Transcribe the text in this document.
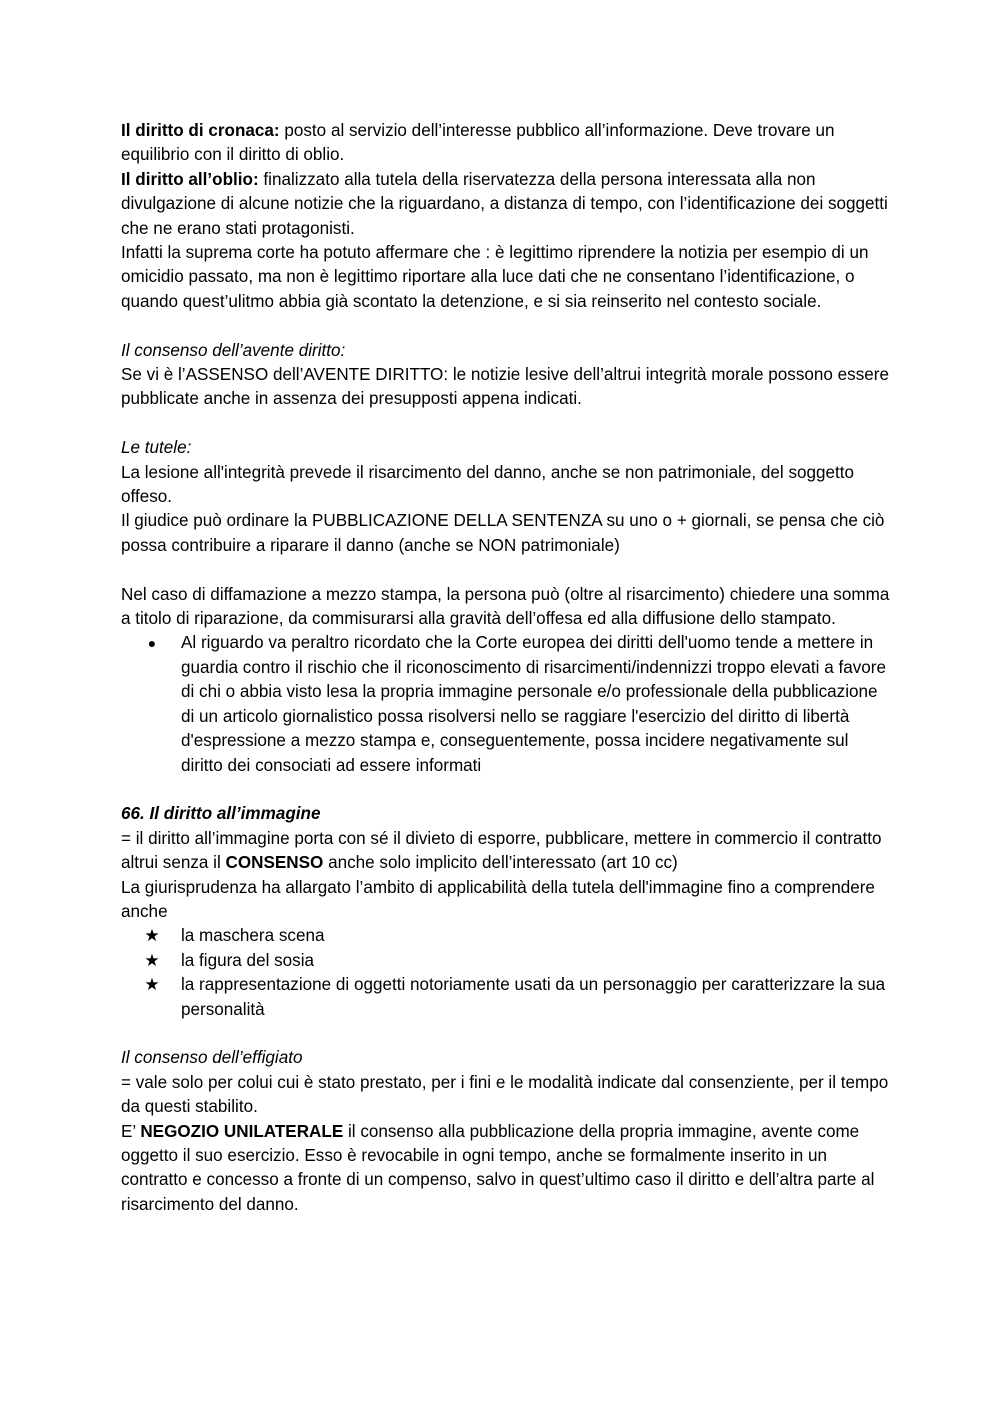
Il diritto di cronaca: posto al servizio dell’interesse pubblico all’informazione. Deve trovare un equilibrio con il diritto di oblio.

Il diritto all’oblio: finalizzato alla tutela della riservatezza della persona interessata alla non divulgazione di alcune notizie che la riguardano, a distanza di tempo, con l’identificazione dei soggetti che ne erano stati protagonisti.

Infatti la suprema corte ha potuto affermare che : è legittimo riprendere la notizia per esempio di un omicidio passato, ma non è legittimo riportare alla luce dati che ne consentano l’identificazione, o quando quest’ulitmo abbia già scontato la detenzione, e si sia reinserito nel contesto sociale.

Il consenso dell’avente diritto:

Se vi è l’ASSENSO dell’AVENTE DIRITTO: le notizie lesive dell’altrui integrità morale possono essere pubblicate anche in assenza dei presupposti appena indicati.

Le tutele:

La lesione all'integrità prevede il risarcimento del danno, anche se non patrimoniale, del soggetto offeso.

Il giudice può ordinare la PUBBLICAZIONE DELLA SENTENZA su uno o + giornali, se pensa che ciò possa contribuire a riparare il danno (anche se NON patrimoniale)

Nel caso di diffamazione a mezzo stampa, la persona può (oltre al risarcimento) chiedere una somma a titolo di riparazione, da commisurarsi alla gravità dell’offesa ed alla diffusione dello stampato.

●	Al riguardo va peraltro ricordato che la Corte europea dei diritti dell'uomo tende a mettere in guardia contro il rischio che il riconoscimento di risarcimenti/indennizzi troppo elevati a favore di chi o abbia visto lesa la propria immagine personale e/o professionale della pubblicazione di un articolo giornalistico possa risolversi nello se raggiare l'esercizio del diritto di libertà d'espressione a mezzo stampa e, conseguentemente, possa incidere negativamente sul diritto dei consociati ad essere informati

66. Il diritto all’immagine

= il diritto all’immagine porta con sé il divieto di esporre, pubblicare, mettere in commercio il contratto altrui senza il CONSENSO anche solo implicito dell’interessato (art 10 cc)

La giurisprudenza ha allargato l’ambito di applicabilità della tutela dell'immagine fino a comprendere anche

★ la maschera scena
★ la figura del sosia
★ la rappresentazione di oggetti notoriamente usati da un personaggio per caratterizzare la sua personalità

Il consenso dell’effigiato

= vale solo per colui cui è stato prestato, per i fini e le modalità indicate dal consenziente, per il tempo da questi stabilito.

E’ NEGOZIO UNILATERALE il consenso alla pubblicazione della propria immagine, avente come oggetto il suo esercizio. Esso è revocabile in ogni tempo, anche se formalmente inserito in un contratto e concesso a fronte di un compenso, salvo in quest’ultimo caso il diritto e dell’altra parte al risarcimento del danno.
